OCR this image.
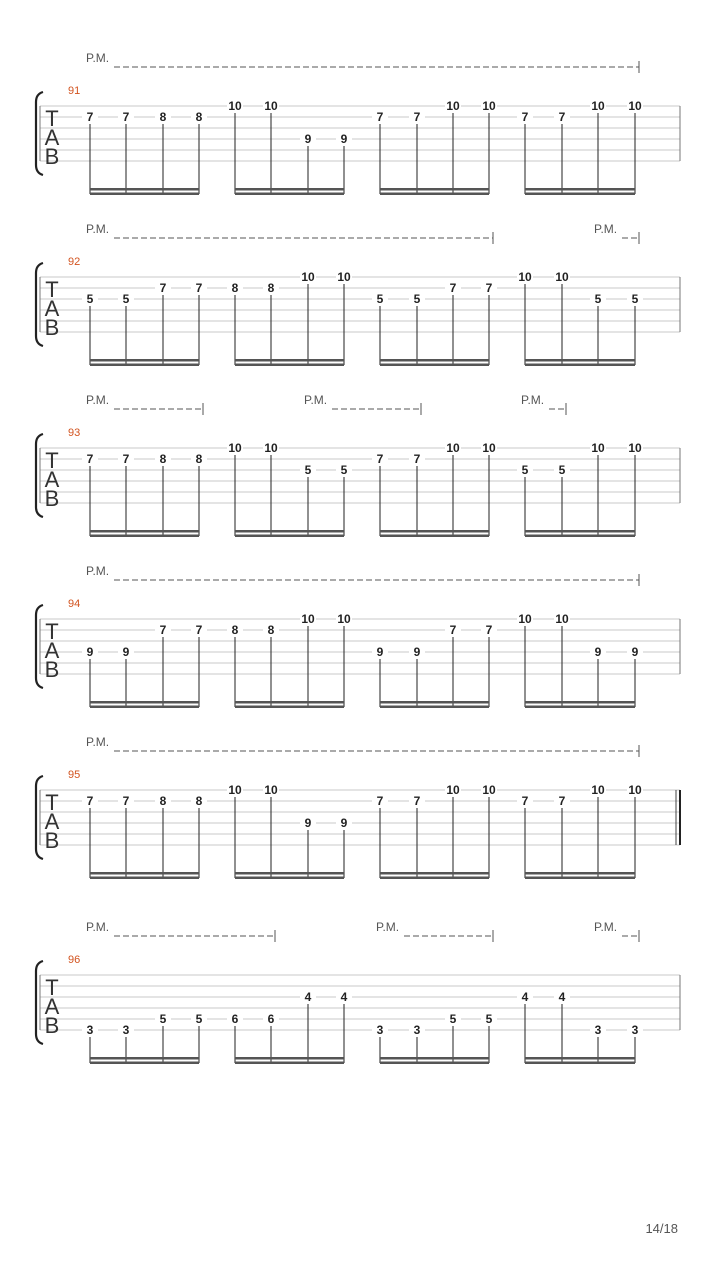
T
A
B
91
P.M.
7 7	8 8
10 10
9 9
7	7
10 10
7	7
10 10
T
A
B
92
P.M.	P.M.
5 5
7 7 8 8
10 10
5	5
7 7
10 10
5	5
T
A
B
93
P.M.	P.M.	P.M.
7 7	8 8
10 10
5 5
7	7
10 10
5	5
10 10
T
A
B
94
P.M.
9 9
7 7 8 8
10 10
9	9
7 7
10 10
9	9
T
A
B
95
P.M.
7 7	8 8
10 10
9 9
7	7
10 10
7	7
10 10
T
A
B
96
P.M.	P.M.	P.M.
3 3
5 5 6 6
4 4
3	3
5 5
4	4
3	3
14/18
